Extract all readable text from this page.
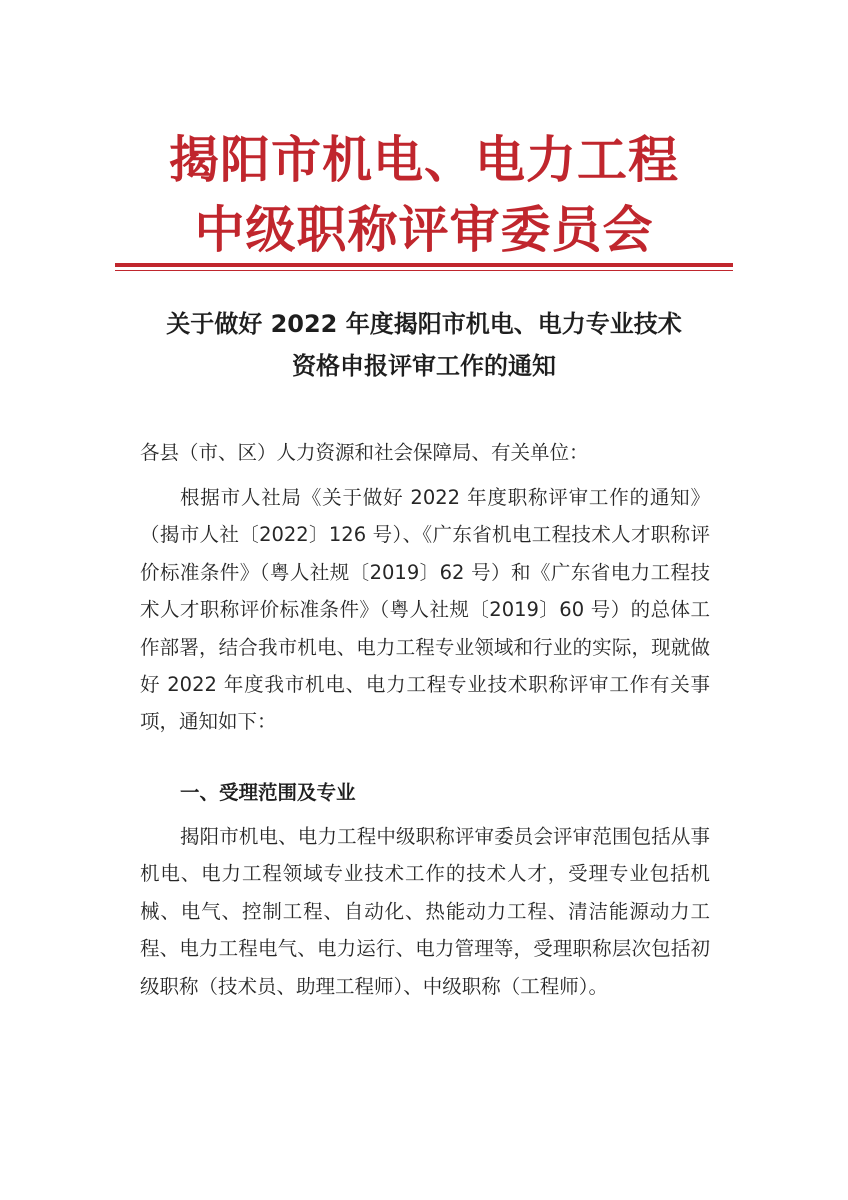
揭阳市机电、电力工程
中级职称评审委员会
关于做好 2022 年度揭阳市机电、电力专业技术
资格申报评审工作的通知
各县（市、区）人力资源和社会保障局、有关单位：
根据市人社局《关于做好 2022 年度职称评审工作的通知》（揭市人社〔2022〕126 号）、《广东省机电工程技术人才职称评价标准条件》（粤人社规〔2019〕62 号）和《广东省电力工程技术人才职称评价标准条件》（粤人社规〔2019〕60 号）的总体工作部署，结合我市机电、电力工程专业领域和行业的实际，现就做好 2022 年度我市机电、电力工程专业技术职称评审工作有关事项，通知如下：
一、受理范围及专业
揭阳市机电、电力工程中级职称评审委员会评审范围包括从事机电、电力工程领域专业技术工作的技术人才，受理专业包括机械、电气、控制工程、自动化、热能动力工程、清洁能源动力工程、电力工程电气、电力运行、电力管理等，受理职称层次包括初级职称（技术员、助理工程师）、中级职称（工程师）。
